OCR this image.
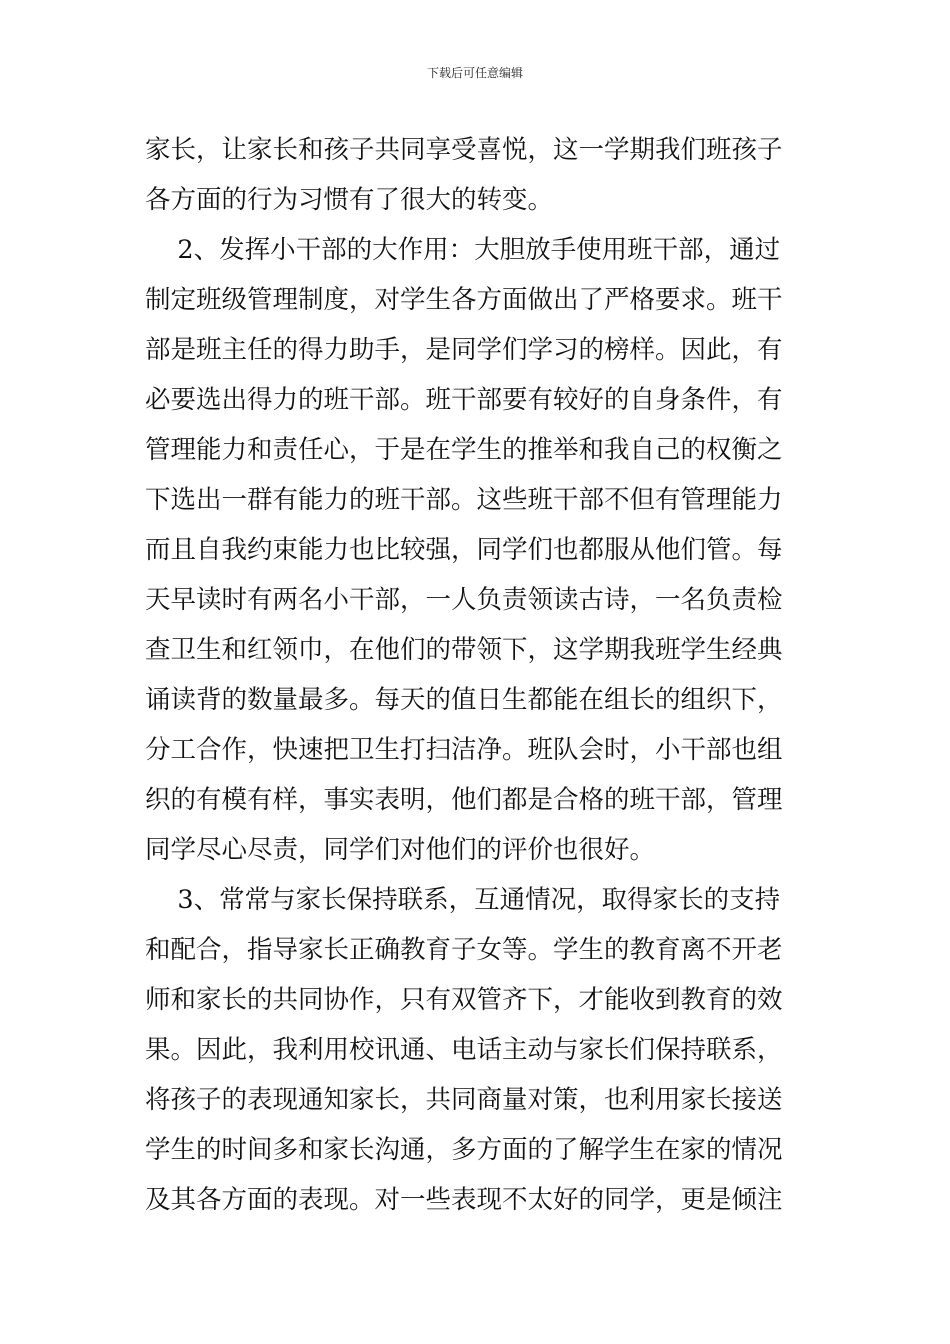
下载后可任意编辑
家长，让家长和孩子共同享受喜悦，这一学期我们班孩子
各方面的行为习惯有了很大的转变。
2、发挥小干部的大作用：大胆放手使用班干部，通过
制定班级管理制度，对学生各方面做出了严格要求。班干
部是班主任的得力助手，是同学们学习的榜样。因此，有
必要选出得力的班干部。班干部要有较好的自身条件，有
管理能力和责任心，于是在学生的推举和我自己的权衡之
下选出一群有能力的班干部。这些班干部不但有管理能力
而且自我约束能力也比较强，同学们也都服从他们管。每
天早读时有两名小干部，一人负责领读古诗，一名负责检
查卫生和红领巾，在他们的带领下，这学期我班学生经典
诵读背的数量最多。每天的值日生都能在组长的组织下，
分工合作，快速把卫生打扫洁净。班队会时，小干部也组
织的有模有样，事实表明，他们都是合格的班干部，管理
同学尽心尽责，同学们对他们的评价也很好。
3、常常与家长保持联系，互通情况，取得家长的支持
和配合，指导家长正确教育子女等。学生的教育离不开老
师和家长的共同协作，只有双管齐下，才能收到教育的效
果。因此，我利用校讯通、电话主动与家长们保持联系，
将孩子的表现通知家长，共同商量对策，也利用家长接送
学生的时间多和家长沟通，多方面的了解学生在家的情况
及其各方面的表现。对一些表现不太好的同学，更是倾注
